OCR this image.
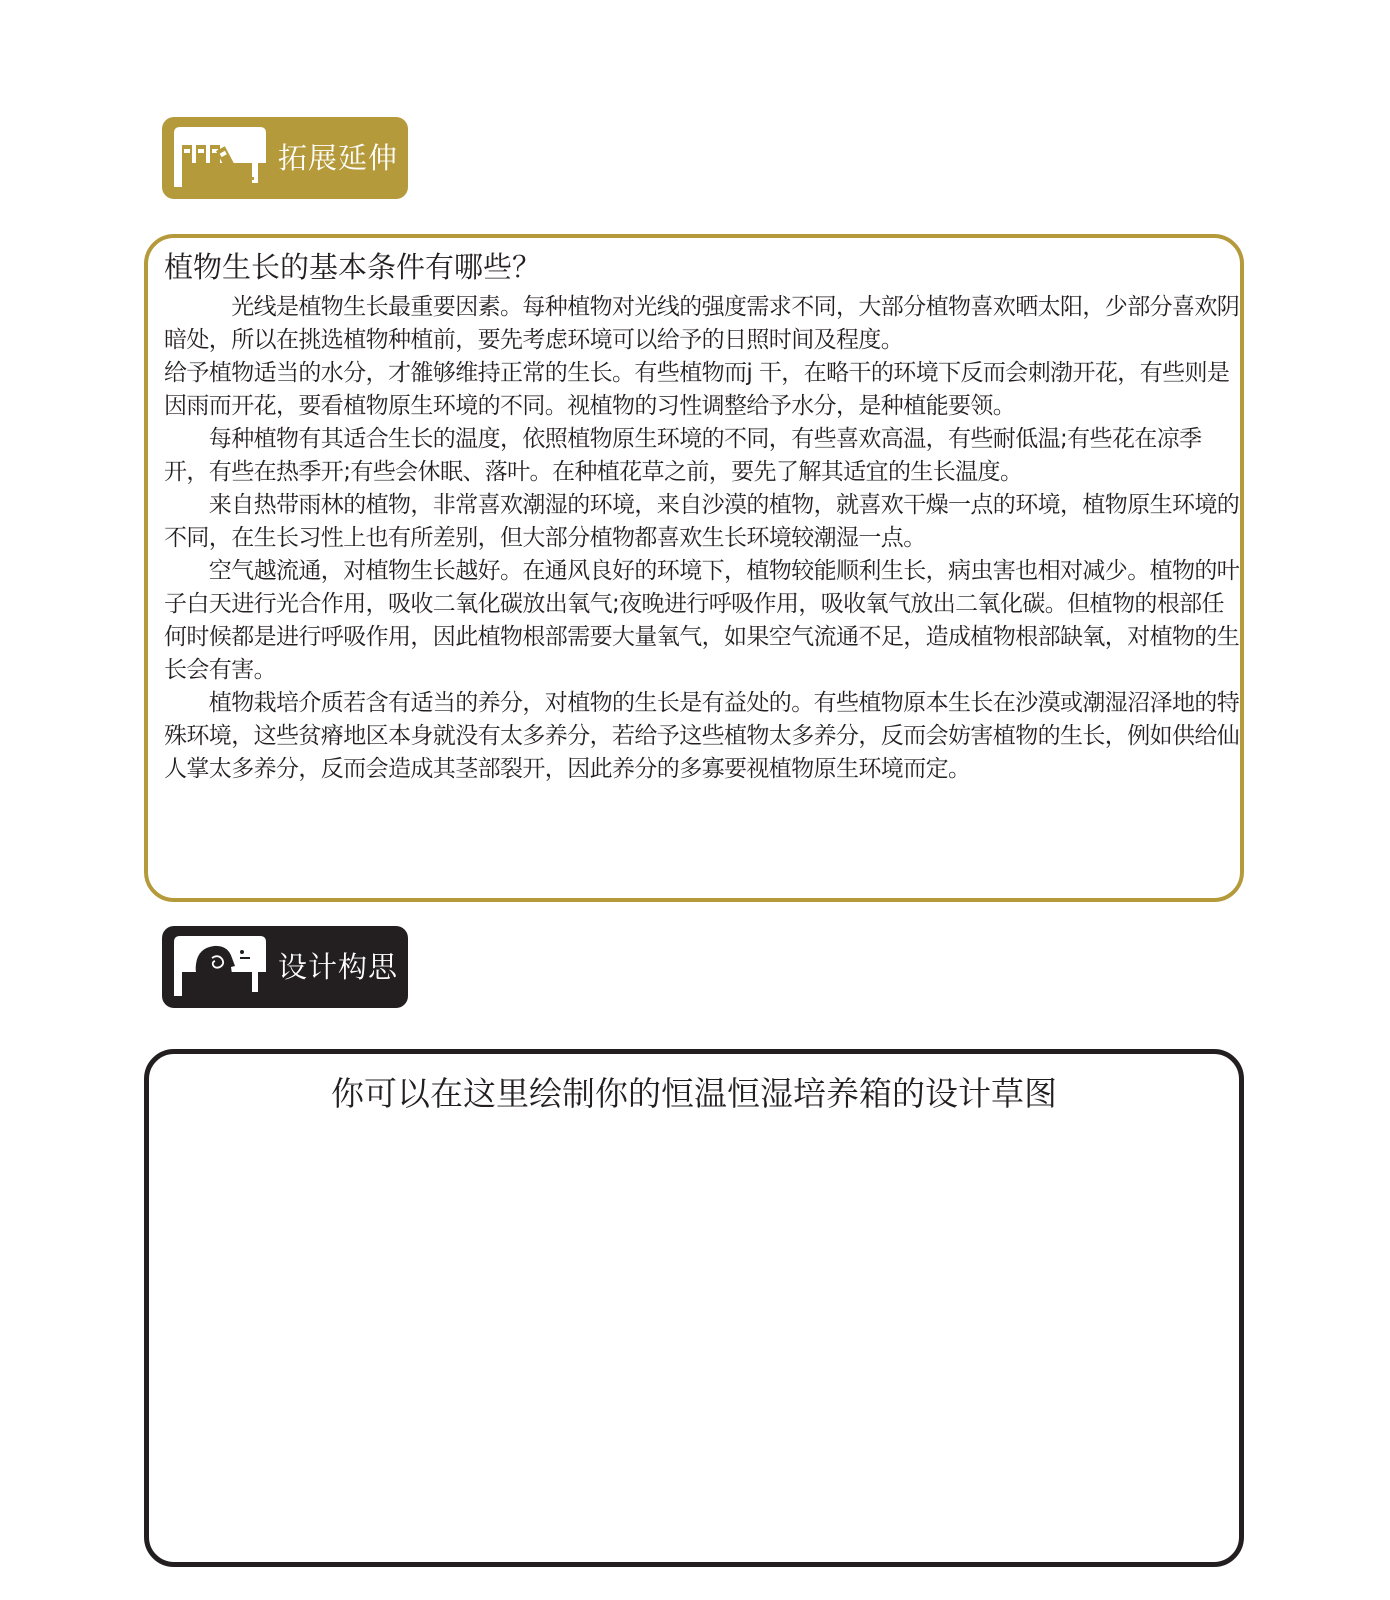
拓展延伸
植物生长的基本条件有哪些？

　　　光线是植物生长最重要因素。每种植物对光线的强度需求不同，大部分植物喜欢晒太阳，少部分喜欢阴暗处，所以在挑选植物种植前，要先考虑环境可以给予的日照时间及程度。

给予植物适当的水分，才雒够维持正常的生长。有些植物而j 干，在略干的环境下反而会刺渤开花，有些则是因雨而开花，要看植物原生环境的不同。视植物的习性调整给予水分，是种植能要领。

　　每种植物有其适合生长的温度，依照植物原生环境的不同，有些喜欢高温，有些耐低温;有些花在凉季开，有些在热季开;有些会休眠、落叶。在种植花草之前，要先了解其适宜的生长温度。

　　来自热带雨林的植物，非常喜欢潮湿的环境，来自沙漠的植物，就喜欢干燥一点的环境，植物原生环境的不同，在生长习性上也有所差别，但大部分植物都喜欢生长环境较潮湿一点。

　　空气越流通，对植物生长越好。在通风良好的环境下，植物较能顺利生长，病虫害也相对减少。植物的叶子白天进行光合作用，吸收二氧化碳放出氧气;夜晚进行呼吸作用，吸收氧气放出二氧化碳。但植物的根部任何时候都是进行呼吸作用，因此植物根部需要大量氧气，如果空气流通不足，造成植物根部缺氧，对植物的生长会有害。

　　植物栽培介质若含有适当的养分，对植物的生长是有益处的。有些植物原本生长在沙漠或潮湿沼泽地的特殊环境，这些贫瘠地区本身就没有太多养分，若给予这些植物太多养分，反而会妨害植物的生长，例如供给仙人掌太多养分，反而会造成其茎部裂开，因此养分的多寡要视植物原生环境而定。

设计构思
你可以在这里绘制你的恒温恒湿培养箱的设计草图
